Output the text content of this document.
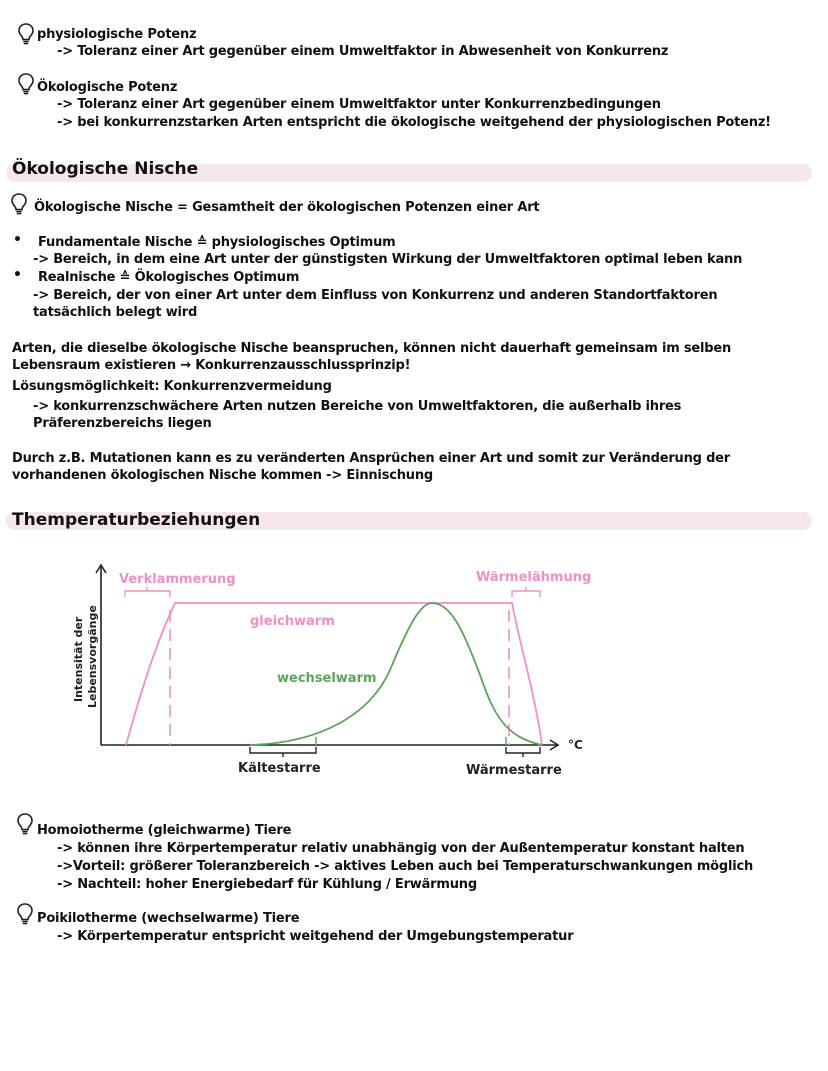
physiologische Potenz
-> Toleranz einer Art gegenüber einem Umweltfaktor in Abwesenheit von Konkurrenz
Ökologische Potenz
-> Toleranz einer Art gegenüber einem Umweltfaktor unter Konkurrenzbedingungen
-> bei konkurrenzstarken Arten entspricht die ökologische weitgehend der physiologischen Potenz!
Ökologische Nische
Ökologische Nische = Gesamtheit der ökologischen Potenzen einer Art
• Fundamentale Nische ≙ physiologisches Optimum
-> Bereich, in dem eine Art unter der günstigsten Wirkung der Umweltfaktoren optimal leben kann
• Realnische ≙ Ökologisches Optimum
-> Bereich, der von einer Art unter dem Einfluss von Konkurrenz und anderen Standortfaktoren
tatsächlich belegt wird
Arten, die dieselbe ökologische Nische beanspruchen, können nicht dauerhaft gemeinsam im selben
Lebensraum existieren → Konkurrenzausschlussprinzip!
Lösungsmöglichkeit: Konkurrenzvermeidung
-> konkurrenzschwächere Arten nutzen Bereiche von Umweltfaktoren, die außerhalb ihres
Präferenzbereichs liegen
Durch z.B. Mutationen kann es zu veränderten Ansprüchen einer Art und somit zur Veränderung der
vorhandenen ökologischen Nische kommen -> Einnischung
Themperaturbeziehungen
°C
Intensität der Lebensvorgänge	gleichwarm
wechselwarm
Verklammerung	Wärmelähmung
Kältestarre	Wärmestarre
Homoiotherme (gleichwarme) Tiere
-> können ihre Körpertemperatur relativ unabhängig von der Außentemperatur konstant halten
->Vorteil: größerer Toleranzbereich -> aktives Leben auch bei Temperaturschwankungen möglich
-> Nachteil: hoher Energiebedarf für Kühlung / Erwärmung
Poikilotherme (wechselwarme) Tiere
-> Körpertemperatur entspricht weitgehend der Umgebungstemperatur
